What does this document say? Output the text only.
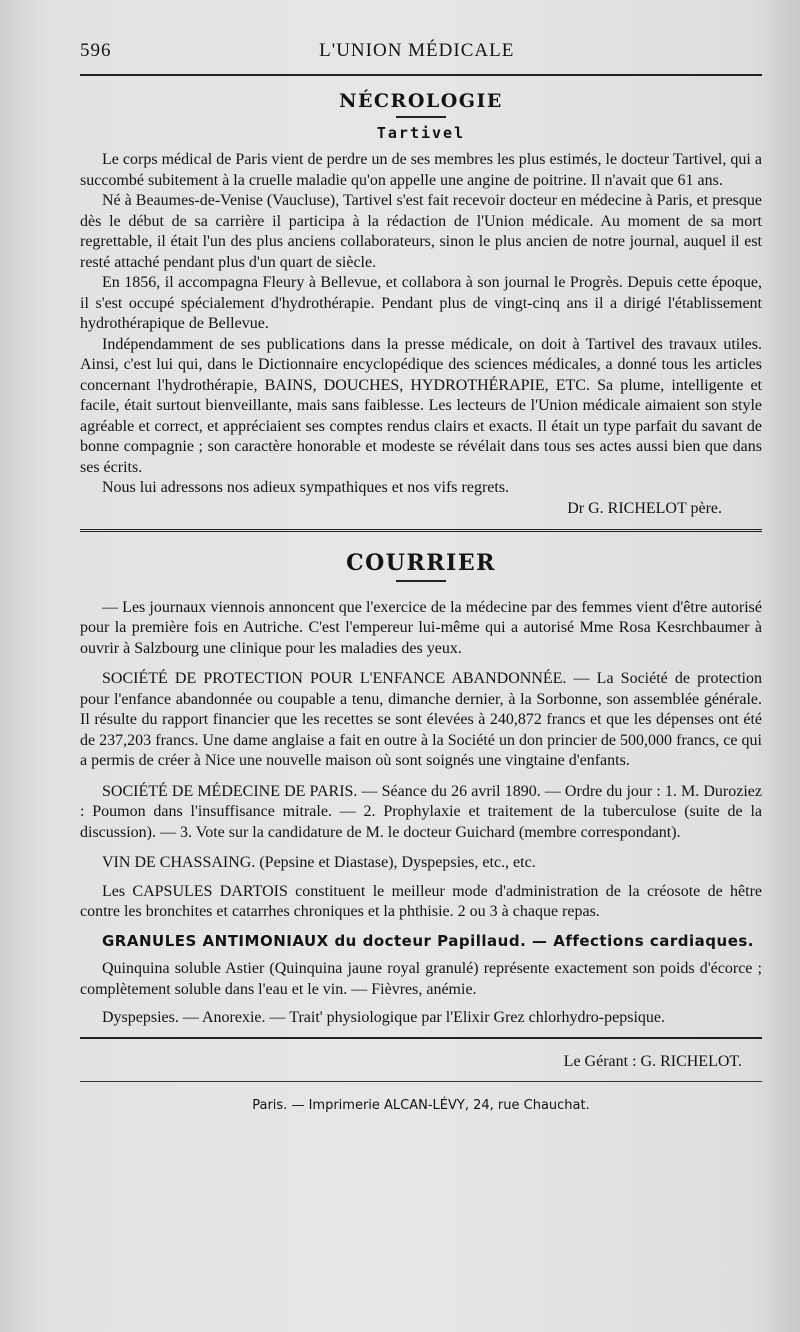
596	L'UNION MÉDICALE
NÉCROLOGIE
Tartivel

Le corps médical de Paris vient de perdre un de ses membres les plus estimés, le docteur Tartivel, qui a succombé subitement à la cruelle maladie qu'on appelle une angine de poitrine. Il n'avait que 61 ans.

Né à Beaumes-de-Venise (Vaucluse), Tartivel s'est fait recevoir docteur en médecine à Paris, et presque dès le début de sa carrière il participa à la rédaction de l'Union médicale. Au moment de sa mort regrettable, il était l'un des plus anciens collaborateurs, sinon le plus ancien de notre journal, auquel il est resté attaché pendant plus d'un quart de siècle.

En 1856, il accompagna Fleury à Bellevue, et collabora à son journal le Progrès. Depuis cette époque, il s'est occupé spécialement d'hydrothérapie. Pendant plus de vingt-cinq ans il a dirigé l'établissement hydrothérapique de Bellevue.

Indépendamment de ses publications dans la presse médicale, on doit à Tartivel des travaux utiles. Ainsi, c'est lui qui, dans le Dictionnaire encyclopédique des sciences médicales, a donné tous les articles concernant l'hydrothérapie, BAINS, DOUCHES, HYDROTHÉRAPIE, ETC. Sa plume, intelligente et facile, était surtout bienveillante, mais sans faiblesse. Les lecteurs de l'Union médicale aimaient son style agréable et correct, et appréciaient ses comptes rendus clairs et exacts. Il était un type parfait du savant de bonne compagnie ; son caractère honorable et modeste se révélait dans tous ses actes aussi bien que dans ses écrits.

Nous lui adressons nos adieux sympathiques et nos vifs regrets.

Dr G. RICHELOT père.
COURRIER

— Les journaux viennois annoncent que l'exercice de la médecine par des femmes vient d'être autorisé pour la première fois en Autriche. C'est l'empereur lui-même qui a autorisé Mme Rosa Kesrchbaumer à ouvrir à Salzbourg une clinique pour les maladies des yeux.

SOCIÉTÉ DE PROTECTION POUR L'ENFANCE ABANDONNÉE. — La Société de protection pour l'enfance abandonnée ou coupable a tenu, dimanche dernier, à la Sorbonne, son assemblée générale. Il résulte du rapport financier que les recettes se sont élevées à 240,872 francs et que les dépenses ont été de 237,203 francs. Une dame anglaise a fait en outre à la Société un don princier de 500,000 francs, ce qui a permis de créer à Nice une nouvelle maison où sont soignés une vingtaine d'enfants.

SOCIÉTÉ DE MÉDECINE DE PARIS. — Séance du 26 avril 1890. — Ordre du jour : 1. M. Duroziez : Poumon dans l'insuffisance mitrale. — 2. Prophylaxie et traitement de la tuberculose (suite de la discussion). — 3. Vote sur la candidature de M. le docteur Guichard (membre correspondant).

VIN DE CHASSAING. (Pepsine et Diastase), Dyspepsies, etc., etc.

Les CAPSULES DARTOIS constituent le meilleur mode d'administration de la créosote de hêtre contre les bronchites et catarrhes chroniques et la phthisie. 2 ou 3 à chaque repas.

GRANULES ANTIMONIAUX du docteur Papillaud. — Affections cardiaques.

Quinquina soluble Astier (Quinquina jaune royal granulé) représente exactement son poids d'écorce ; complètement soluble dans l'eau et le vin. — Fièvres, anémie.

Dyspepsies. — Anorexie. — Trait' physiologique par l'Elixir Grez chlorhydro-pepsique.

Le Gérant : G. RICHELOT.
Paris. — Imprimerie ALCAN-LÉVY, 24, rue Chauchat.
